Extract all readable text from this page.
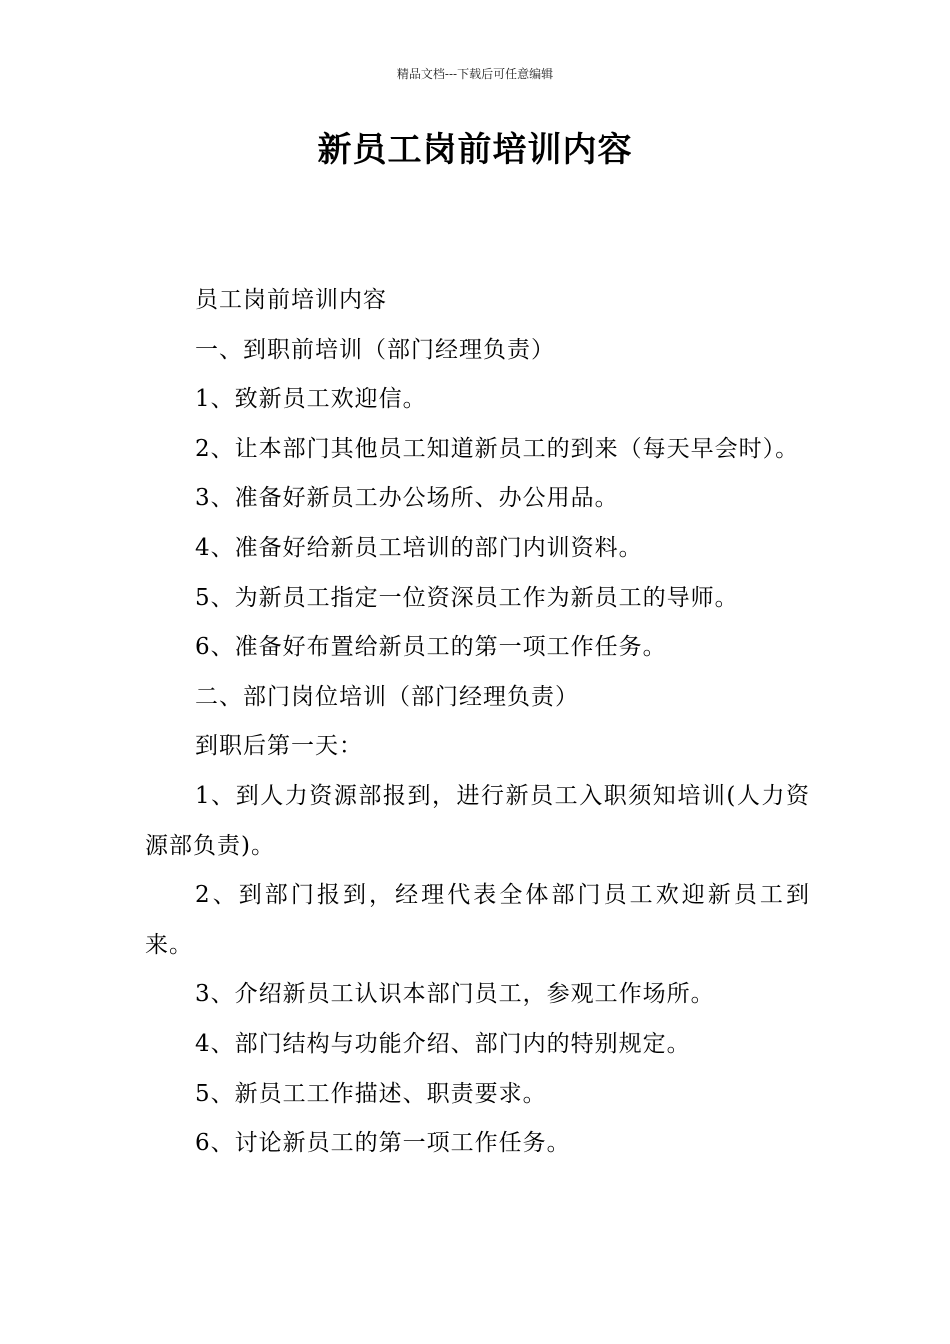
精品文档---下载后可任意编辑
新员工岗前培训内容

员工岗前培训内容

一、到职前培训（部门经理负责）

1、致新员工欢迎信。

2、让本部门其他员工知道新员工的到来（每天早会时）。

3、准备好新员工办公场所、办公用品。

4、准备好给新员工培训的部门内训资料。

5、为新员工指定一位资深员工作为新员工的导师。

6、准备好布置给新员工的第一项工作任务。

二、部门岗位培训（部门经理负责）

到职后第一天：

1、到人力资源部报到，进行新员工入职须知培训(人力资源部负责)。

2、到部门报到，经理代表全体部门员工欢迎新员工到来。

3、介绍新员工认识本部门员工，参观工作场所。

4、部门结构与功能介绍、部门内的特别规定。

5、新员工工作描述、职责要求。

6、讨论新员工的第一项工作任务。
